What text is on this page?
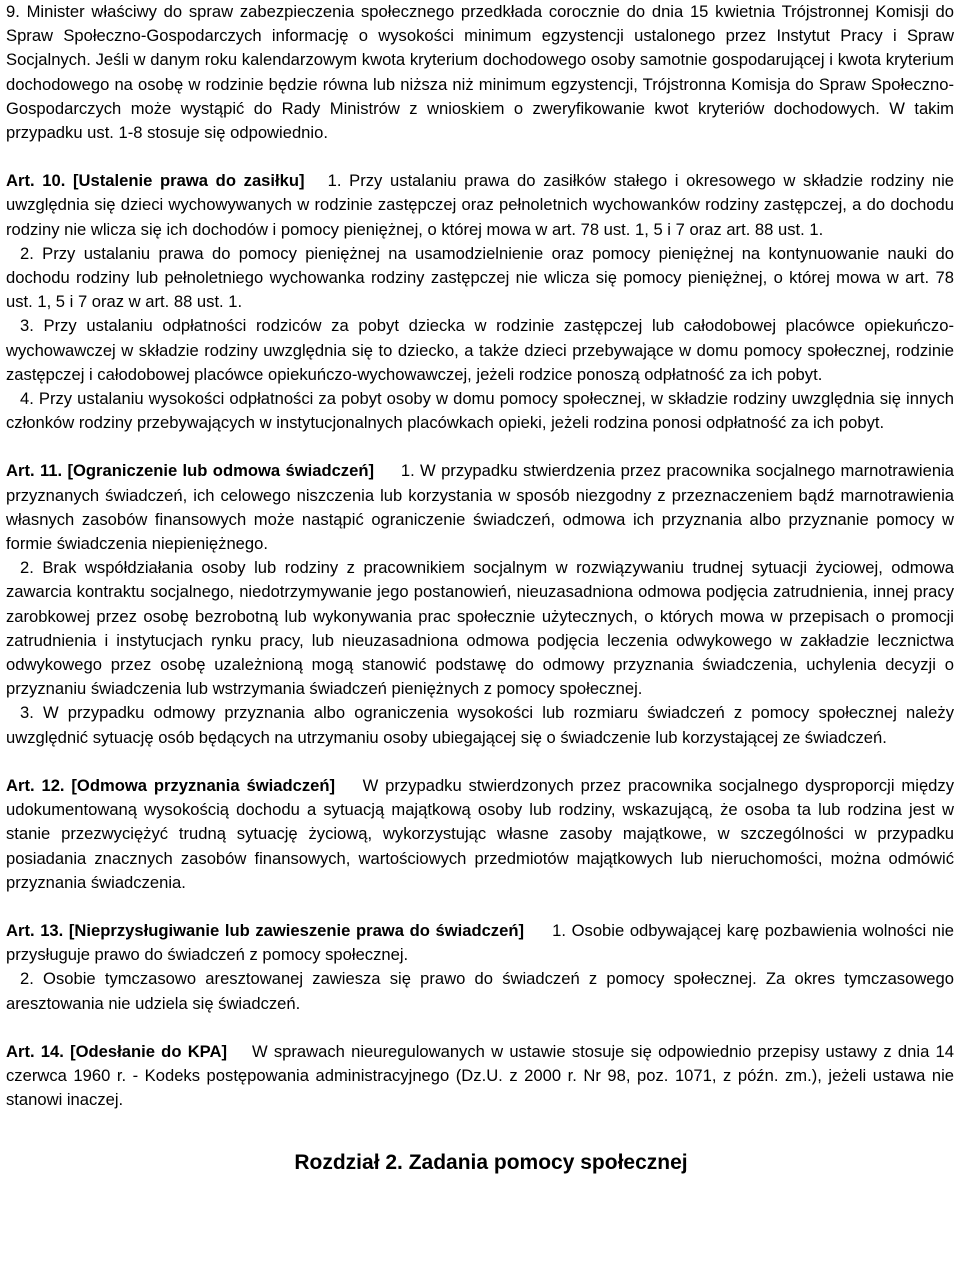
9. Minister właściwy do spraw zabezpieczenia społecznego przedkłada corocznie do dnia 15 kwietnia Trójstronnej Komisji do Spraw Społeczno-Gospodarczych informację o wysokości minimum egzystencji ustalonego przez Instytut Pracy i Spraw Socjalnych. Jeśli w danym roku kalendarzowym kwota kryterium dochodowego osoby samotnie gospodarującej i kwota kryterium dochodowego na osobę w rodzinie będzie równa lub niższa niż minimum egzystencji, Trójstronna Komisja do Spraw Społeczno-Gospodarczych może wystąpić do Rady Ministrów z wnioskiem o zweryfikowanie kwot kryteriów dochodowych. W takim przypadku ust. 1-8 stosuje się odpowiednio.

Art. 10. [Ustalenie prawa do zasiłku] 1. Przy ustalaniu prawa do zasiłków stałego i okresowego w składzie rodziny nie uwzględnia się dzieci wychowywanych w rodzinie zastępczej oraz pełnoletnich wychowanków rodziny zastępczej, a do dochodu rodziny nie wlicza się ich dochodów i pomocy pieniężnej, o której mowa w art. 78 ust. 1, 5 i 7 oraz art. 88 ust. 1.

2. Przy ustalaniu prawa do pomocy pieniężnej na usamodzielnienie oraz pomocy pieniężnej na kontynuowanie nauki do dochodu rodziny lub pełnoletniego wychowanka rodziny zastępczej nie wlicza się pomocy pieniężnej, o której mowa w art. 78 ust. 1, 5 i 7 oraz w art. 88 ust. 1.

3. Przy ustalaniu odpłatności rodziców za pobyt dziecka w rodzinie zastępczej lub całodobowej placówce opiekuńczo-wychowawczej w składzie rodziny uwzględnia się to dziecko, a także dzieci przebywające w domu pomocy społecznej, rodzinie zastępczej i całodobowej placówce opiekuńczo-wychowawczej, jeżeli rodzice ponoszą odpłatność za ich pobyt.

4. Przy ustalaniu wysokości odpłatności za pobyt osoby w domu pomocy społecznej, w składzie rodziny uwzględnia się innych członków rodziny przebywających w instytucjonalnych placówkach opieki, jeżeli rodzina ponosi odpłatność za ich pobyt.

Art. 11. [Ograniczenie lub odmowa świadczeń] 1. W przypadku stwierdzenia przez pracownika socjalnego marnotrawienia przyznanych świadczeń, ich celowego niszczenia lub korzystania w sposób niezgodny z przeznaczeniem bądź marnotrawienia własnych zasobów finansowych może nastąpić ograniczenie świadczeń, odmowa ich przyznania albo przyznanie pomocy w formie świadczenia niepieniężnego.

2. Brak współdziałania osoby lub rodziny z pracownikiem socjalnym w rozwiązywaniu trudnej sytuacji życiowej, odmowa zawarcia kontraktu socjalnego, niedotrzymywanie jego postanowień, nieuzasadniona odmowa podjęcia zatrudnienia, innej pracy zarobkowej przez osobę bezrobotną lub wykonywania prac społecznie użytecznych, o których mowa w przepisach o promocji zatrudnienia i instytucjach rynku pracy, lub nieuzasadniona odmowa podjęcia leczenia odwykowego w zakładzie lecznictwa odwykowego przez osobę uzależnioną mogą stanowić podstawę do odmowy przyznania świadczenia, uchylenia decyzji o przyznaniu świadczenia lub wstrzymania świadczeń pieniężnych z pomocy społecznej.

3. W przypadku odmowy przyznania albo ograniczenia wysokości lub rozmiaru świadczeń z pomocy społecznej należy uwzględnić sytuację osób będących na utrzymaniu osoby ubiegającej się o świadczenie lub korzystającej ze świadczeń.

Art. 12. [Odmowa przyznania świadczeń] W przypadku stwierdzonych przez pracownika socjalnego dysproporcji między udokumentowaną wysokością dochodu a sytuacją majątkową osoby lub rodziny, wskazującą, że osoba ta lub rodzina jest w stanie przezwyciężyć trudną sytuację życiową, wykorzystując własne zasoby majątkowe, w szczególności w przypadku posiadania znacznych zasobów finansowych, wartościowych przedmiotów majątkowych lub nieruchomości, można odmówić przyznania świadczenia.

Art. 13. [Nieprzysługiwanie lub zawieszenie prawa do świadczeń] 1. Osobie odbywającej karę pozbawienia wolności nie przysługuje prawo do świadczeń z pomocy społecznej.

2. Osobie tymczasowo aresztowanej zawiesza się prawo do świadczeń z pomocy społecznej. Za okres tymczasowego aresztowania nie udziela się świadczeń.

Art. 14. [Odesłanie do KPA] W sprawach nieuregulowanych w ustawie stosuje się odpowiednio przepisy ustawy z dnia 14 czerwca 1960 r. - Kodeks postępowania administracyjnego (Dz.U. z 2000 r. Nr 98, poz. 1071, z późn. zm.), jeżeli ustawa nie stanowi inaczej.

Rozdział 2. Zadania pomocy społecznej
